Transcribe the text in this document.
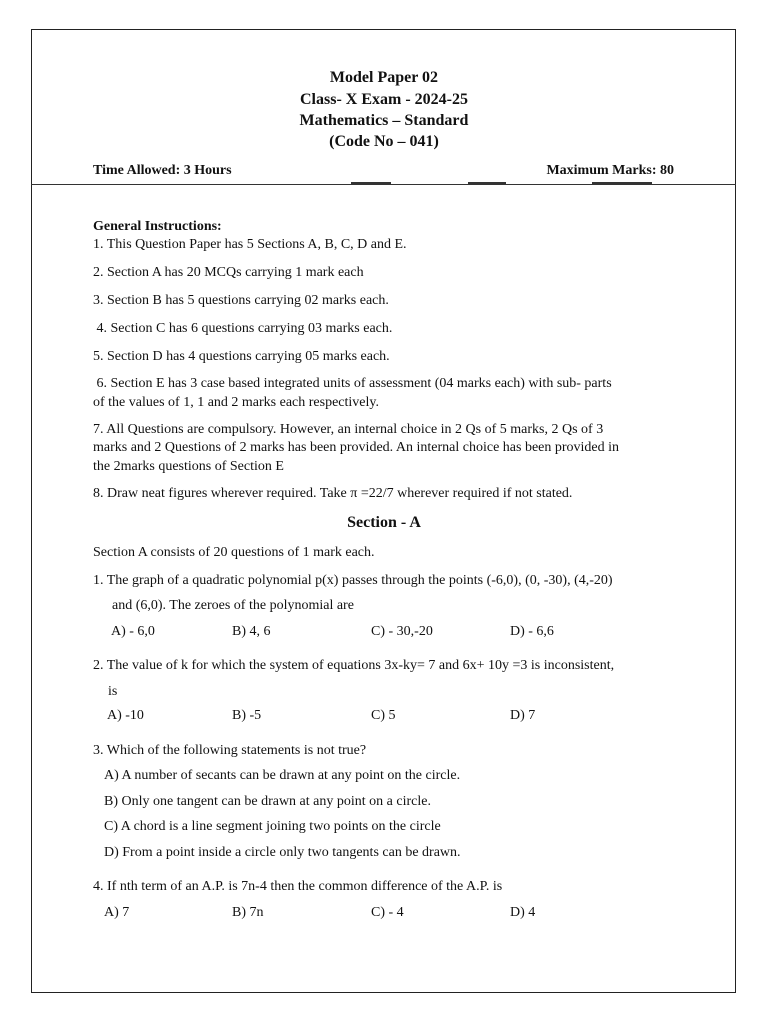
Model Paper 02
Class- X Exam - 2024-25
Mathematics – Standard
(Code No – 041)
Time Allowed: 3 Hours	Maximum Marks: 80
General Instructions:
1. This Question Paper has 5 Sections A, B, C, D and E.
2. Section A has 20 MCQs carrying 1 mark each
3. Section B has 5 questions carrying 02 marks each.
4. Section C has 6 questions carrying 03 marks each.
5. Section D has 4 questions carrying 05 marks each.
6. Section E has 3 case based integrated units of assessment (04 marks each) with sub- parts
of the values of 1, 1 and 2 marks each respectively.
7. All Questions are compulsory. However, an internal choice in 2 Qs of 5 marks, 2 Qs of 3
marks and 2 Questions of 2 marks has been provided. An internal choice has been provided in
the 2marks questions of Section E
8. Draw neat figures wherever required. Take π =22/7 wherever required if not stated.
Section - A
Section A consists of 20 questions of 1 mark each.
1. The graph of a quadratic polynomial p(x) passes through the points (-6,0), (0, -30), (4,-20)
and (6,0). The zeroes of the polynomial are
A) - 6,0	B) 4, 6	C) - 30,-20	D) - 6,6
2. The value of k for which the system of equations 3x-ky= 7 and 6x+ 10y =3 is inconsistent,
is
A) -10	B) -5	C) 5	D) 7
3. Which of the following statements is not true?
A) A number of secants can be drawn at any point on the circle.
B) Only one tangent can be drawn at any point on a circle.
C) A chord is a line segment joining two points on the circle
D) From a point inside a circle only two tangents can be drawn.
4. If nth term of an A.P. is 7n-4 then the common difference of the A.P. is
A) 7	B) 7n	C) - 4	D) 4
